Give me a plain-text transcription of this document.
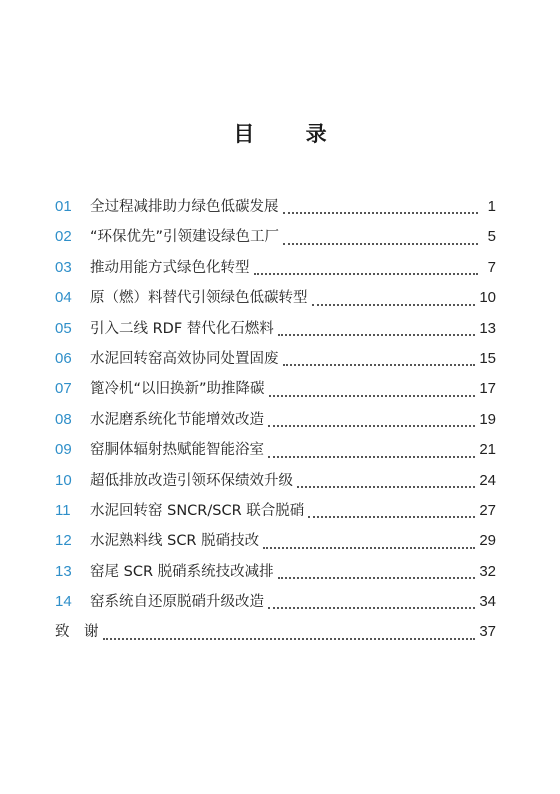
目 录
01	全过程减排助力绿色低碳发展	1
02	“环保优先”引领建设绿色工厂	5
03	推动用能方式绿色化转型	7
04	原（燃）料替代引领绿色低碳转型	10
05	引入二线 RDF 替代化石燃料	13
06	水泥回转窑高效协同处置固废	15
07	篦冷机“以旧换新”助推降碳	17
08	水泥磨系统化节能增效改造	19
09	窑胴体辐射热赋能智能浴室	21
10	超低排放改造引领环保绩效升级	24
11	水泥回转窑 SNCR/SCR 联合脱硝	27
12	水泥熟料线 SCR 脱硝技改	29
13	窑尾 SCR 脱硝系统技改减排	32
14	窑系统自还原脱硝升级改造	34
致　谢	37
